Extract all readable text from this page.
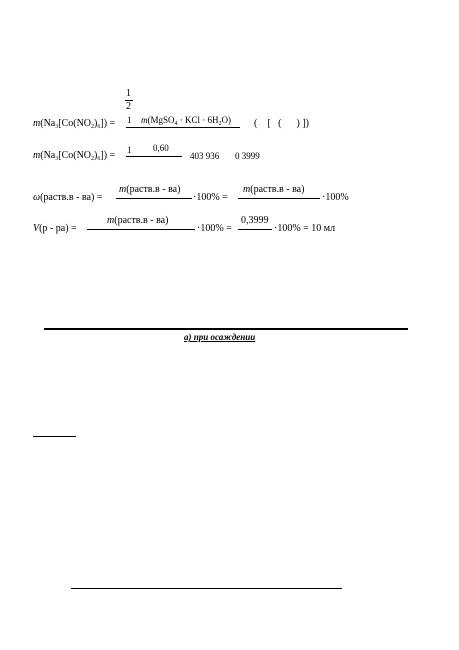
1
2
$m(Na_3[Co(NO_2)_6]) = 1$ m(MgSO$_4$ · KCl · $6H_2O$) (    [   (      ) ])
$m(Na_3[Co(NO_2)_6]) = 1$ 0,60
403 936 0 3999
ω(раств.в - ва) =
m(раств.в - ва)
·100% =
m(раств.в - ва)
·100%
V(р - ра) =
m(раств.в - ва)
·100% =
0,3999
·100% = 10 мл
а) при осаждении
